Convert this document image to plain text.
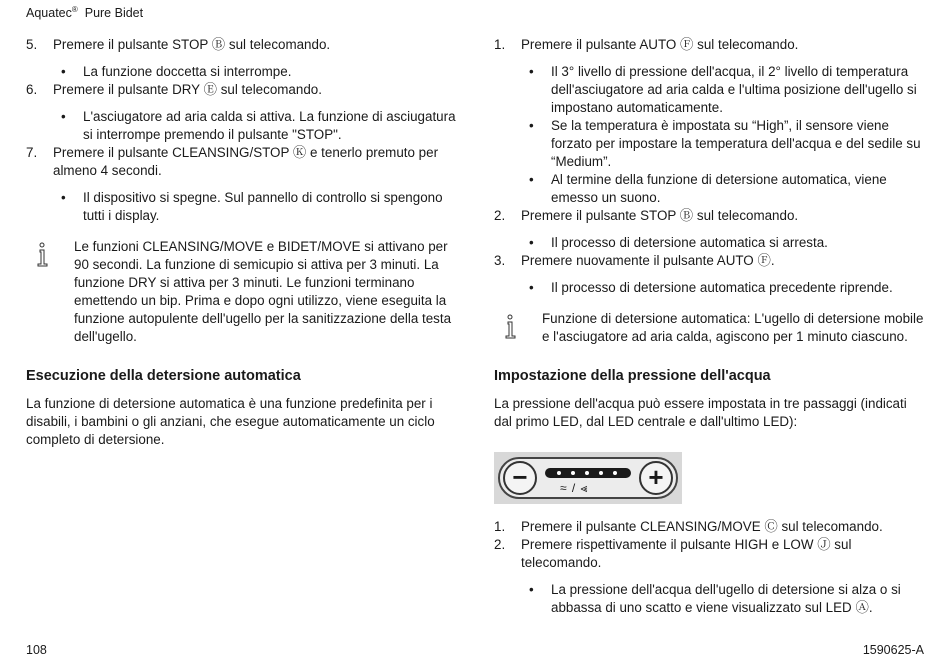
Aquatec® Pure Bidet
5.	Premere il pulsante STOP Ⓑ sul telecomando.
• La funzione doccetta si interrompe.
6.	Premere il pulsante DRY Ⓔ sul telecomando.
• L'asciugatore ad aria calda si attiva. La funzione di asciugatura si interrompe premendo il pulsante "STOP".
7.	Premere il pulsante CLEANSING/STOP Ⓚ e tenerlo premuto per almeno 4 secondi.
• Il dispositivo si spegne. Sul pannello di controllo si spengono tutti i display.
Le funzioni CLEANSING/MOVE e BIDET/MOVE si attivano per 90 secondi. La funzione di semicupio si attiva per 3 minuti. La funzione DRY si attiva per 3 minuti. Le funzioni terminano emettendo un bip. Prima e dopo ogni utilizzo, viene eseguita la funzione autopulente dell'ugello per la sanitizzazione della testa dell'ugello.
Esecuzione della detersione automatica

La funzione di detersione automatica è una funzione predefinita per i disabili, i bambini o gli anziani, che esegue automaticamente un ciclo completo di detersione.

1.	Premere il pulsante AUTO Ⓕ sul telecomando.
• Il 3° livello di pressione dell'acqua, il 2° livello di temperatura dell'asciugatore ad aria calda e l'ultima posizione dell'ugello si impostano automaticamente.
• Se la temperatura è impostata su “High”, il sensore viene forzato per impostare la temperatura dell'acqua e del sedile su “Medium”.
• Al termine della funzione di detersione automatica, viene emesso un suono.
2.	Premere il pulsante STOP Ⓑ sul telecomando.
• Il processo di detersione automatica si arresta.
3.	Premere nuovamente il pulsante AUTO Ⓕ.
• Il processo di detersione automatica precedente riprende.
Funzione di detersione automatica: L'ugello di detersione mobile e l'asciugatore ad aria calda, agiscono per 1 minuto ciascuno.
Impostazione della pressione dell'acqua

La pressione dell'acqua può essere impostata in tre passaggi (indicati dal primo LED, dal LED centrale e dall'ultimo LED):

−	≈ / ⪡	+
1.	Premere il pulsante CLEANSING/MOVE Ⓒ sul telecomando.
2.	Premere rispettivamente il pulsante HIGH e LOW Ⓙ sul telecomando.
• La pressione dell'acqua dell'ugello di detersione si alza o si abbassa di uno scatto e viene visualizzato sul LED Ⓐ.
108	1590625-A
